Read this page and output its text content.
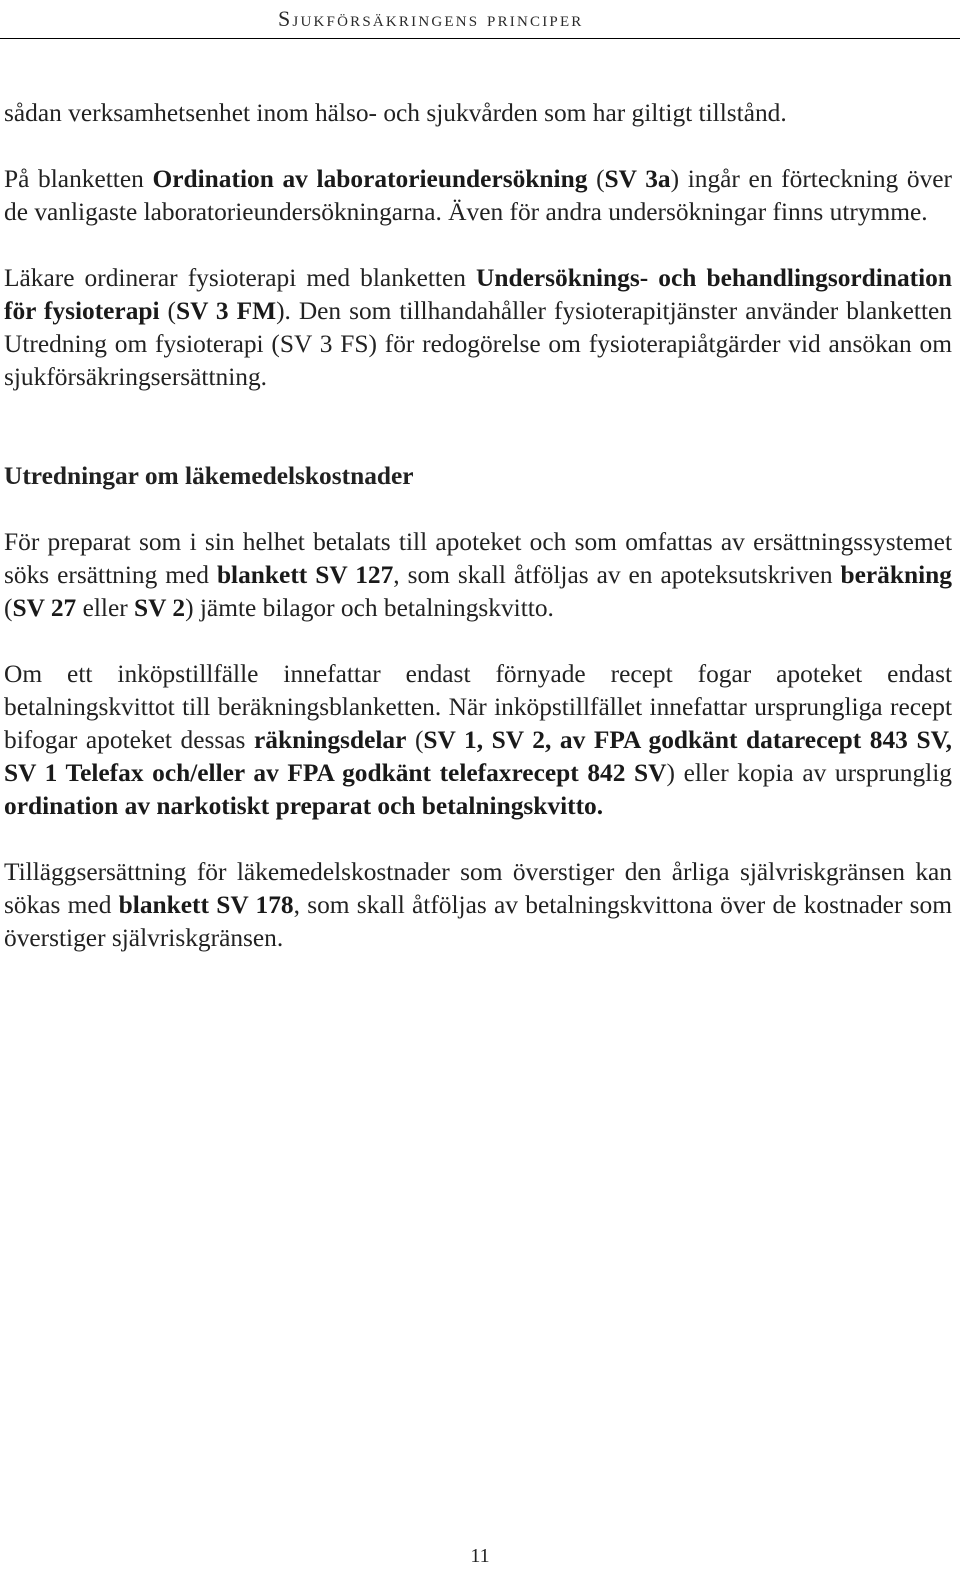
Sjukförsäkringens principer

sådan verksamhetsenhet inom hälso- och sjukvården som har giltigt tillstånd.

På blanketten Ordination av laboratorieundersökning (SV 3a) ingår en förteckning över de vanligaste laboratorieundersökningarna. Även för andra undersökningar finns utrymme.

Läkare ordinerar fysioterapi med blanketten Undersöknings- och behandlingsordination för fysioterapi (SV 3 FM). Den som tillhandahåller fysioterapitjänster använder blanketten Utredning om fysioterapi (SV 3 FS) för redogörelse om fysioterapiåtgärder vid ansökan om sjukförsäkringsersättning.

Utredningar om läkemedelskostnader

För preparat som i sin helhet betalats till apoteket och som omfattas av ersättningssystemet söks ersättning med blankett SV 127, som skall åtföljas av en apoteksutskriven beräkning (SV 27 eller SV 2) jämte bilagor och betalningskvitto.

Om ett inköpstillfälle innefattar endast förnyade recept fogar apoteket endast betalningskvittot till beräkningsblanketten. När inköpstillfället innefattar ursprungliga recept bifogar apoteket dessas räkningsdelar (SV 1, SV 2, av FPA godkänt datarecept 843 SV, SV 1 Telefax och/eller av FPA godkänt telefaxrecept 842 SV) eller kopia av ursprunglig ordination av narkotiskt preparat och betalningskvitto.

Tilläggsersättning för läkemedelskostnader som överstiger den årliga självriskgränsen kan sökas med blankett SV 178, som skall åtföljas av betalningskvittona över de kostnader som överstiger självriskgränsen.

11
